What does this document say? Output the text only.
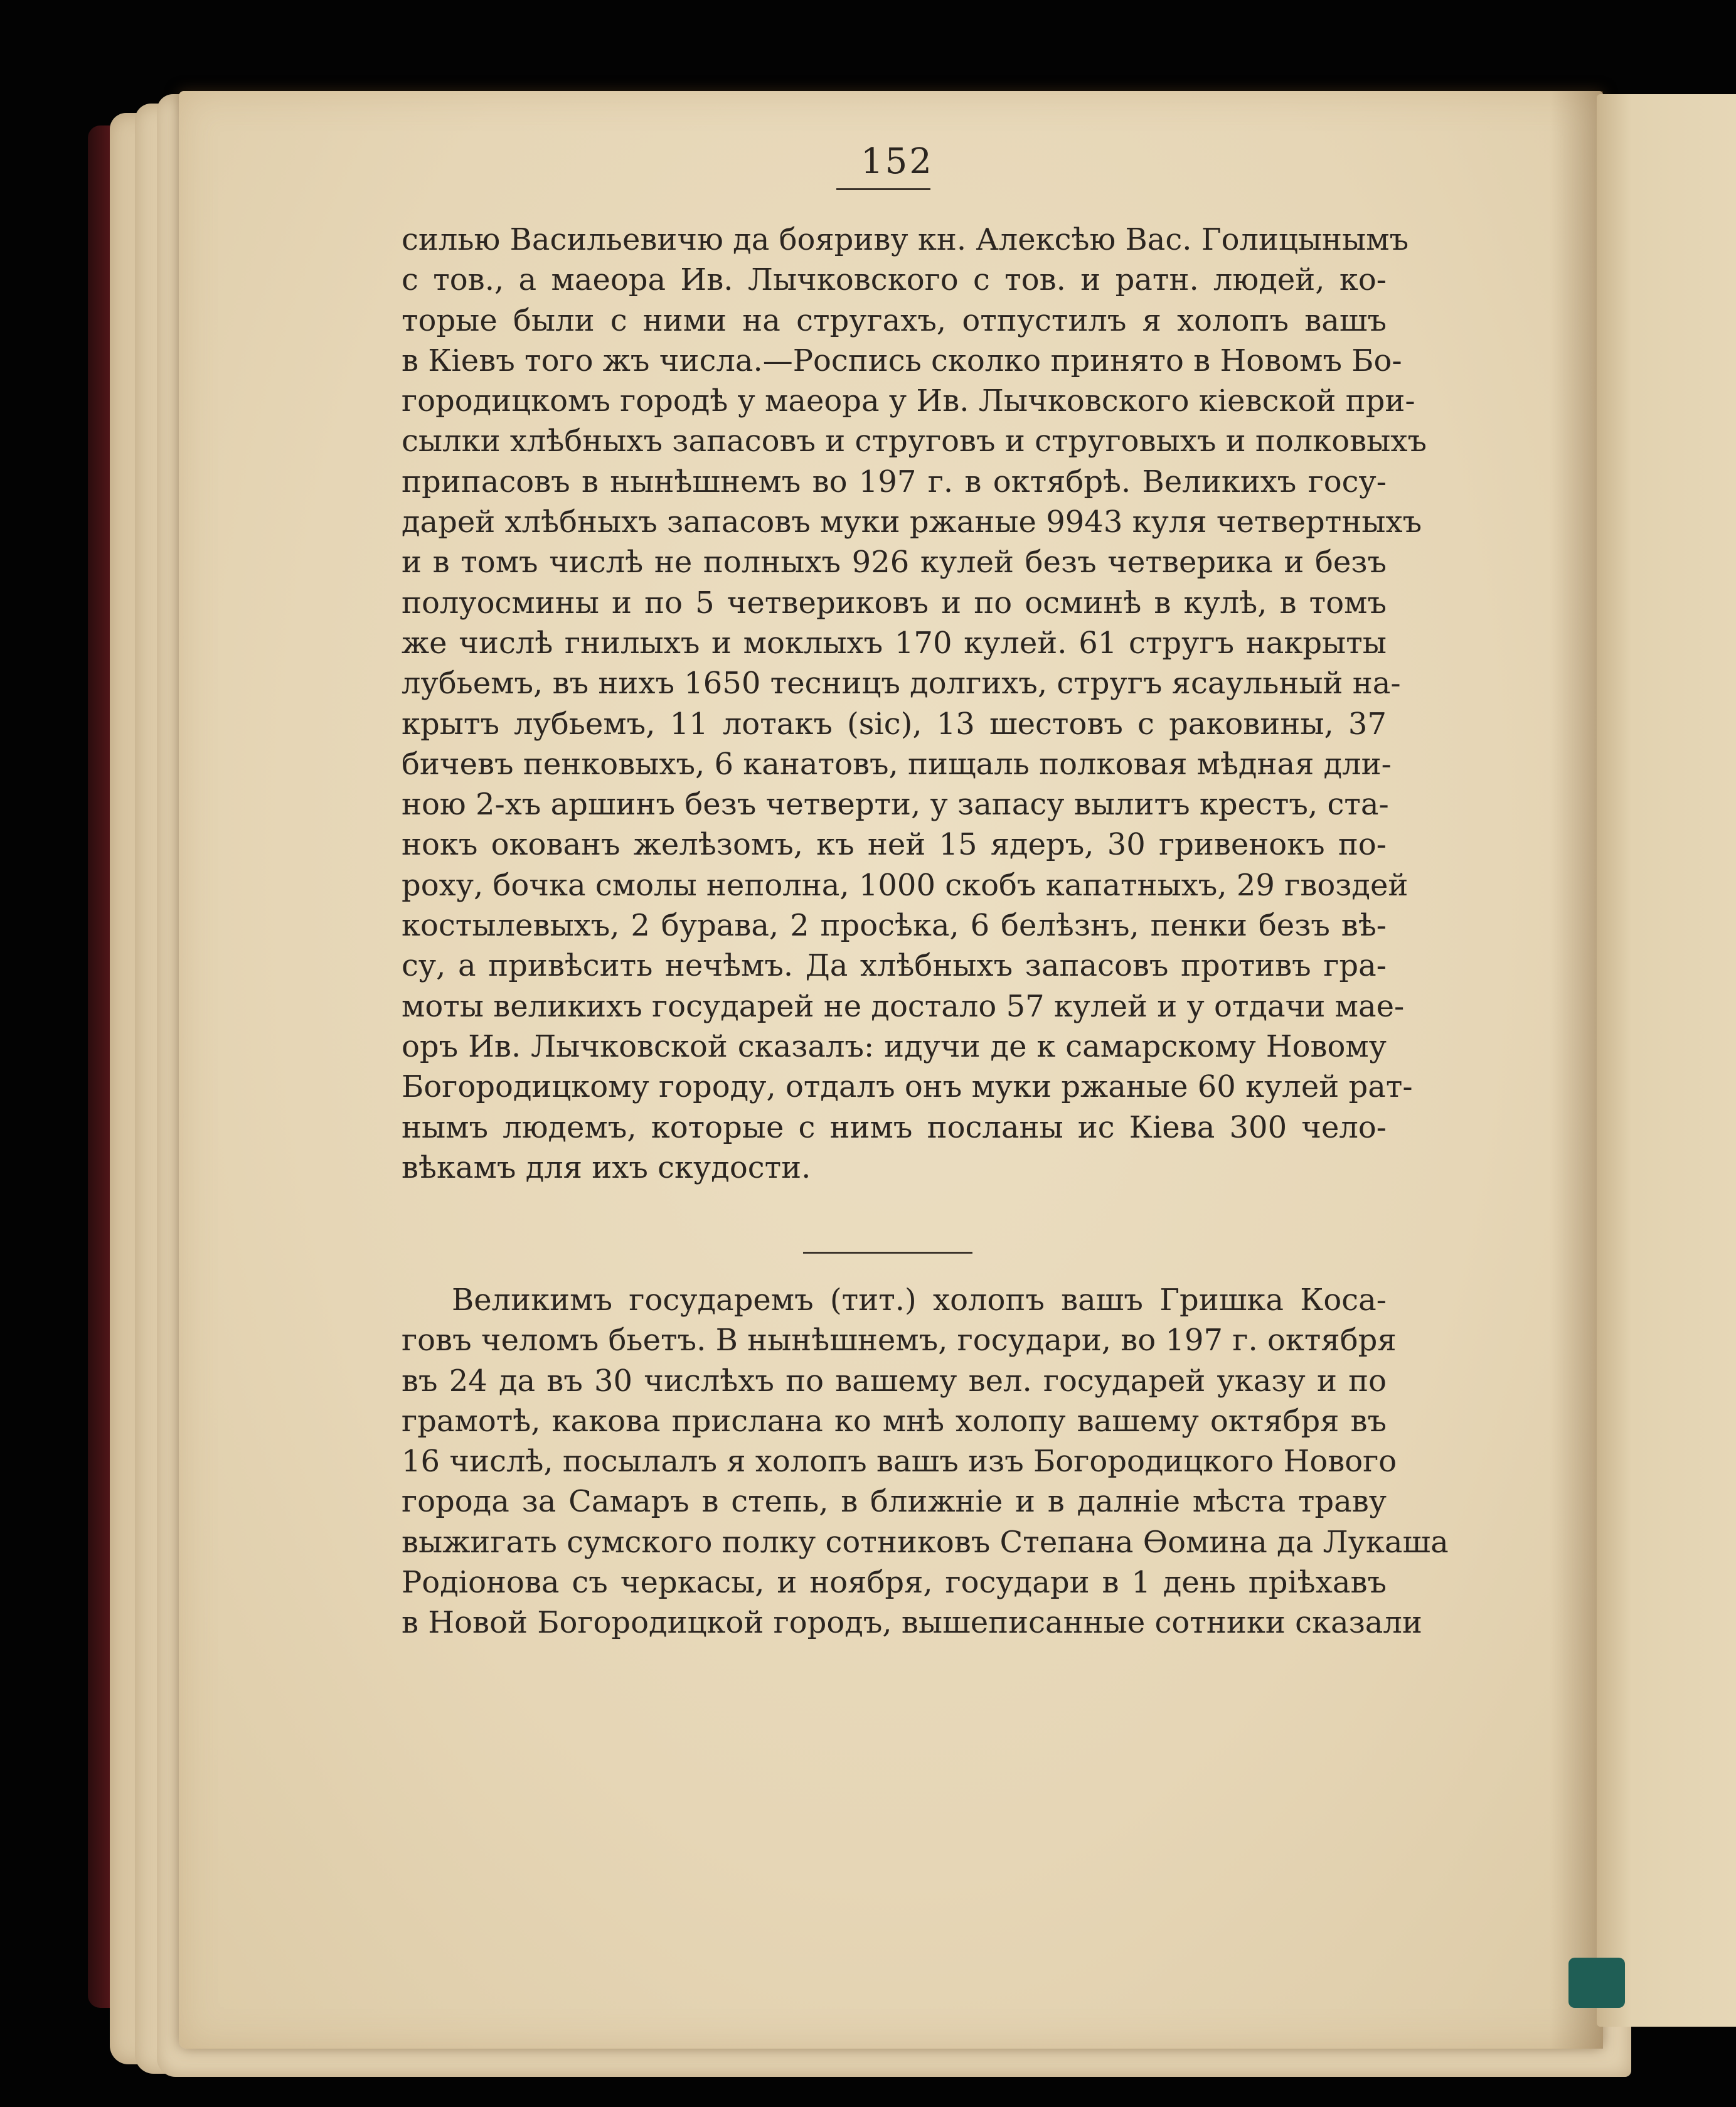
152
силью Васильевичю да бояриву кн. Алексѣю Вас. Голицынымъ
с тов., а маеора Ив. Лычковского с тов. и ратн. людей, ко-
торые были с ними на стругахъ, отпустилъ я холопъ вашъ
в Кіевъ того жъ числа.—Роспись сколко принято в Новомъ Бо-
городицкомъ городѣ у маеора у Ив. Лычковского кіевской при-
сылки хлѣбныхъ запасовъ и струговъ и струговыхъ и полковыхъ
припасовъ в нынѣшнемъ во 197 г. в октябрѣ. Великихъ госу-
дарей хлѣбныхъ запасовъ муки ржаные 9943 куля четвертныхъ
и в томъ числѣ не полныхъ 926 кулей безъ четверика и безъ
полуосмины и по 5 четвериковъ и по осминѣ в кулѣ, в томъ
же числѣ гнилыхъ и моклыхъ 170 кулей. 61 стругъ накрыты
лубьемъ, въ нихъ 1650 тесницъ долгихъ, стругъ ясаульный на-
крытъ лубьемъ, 11 лотакъ (sic), 13 шестовъ с раковины, 37
бичевъ пенковыхъ, 6 канатовъ, пищаль полковая мѣдная дли-
ною 2-хъ аршинъ безъ четверти, у запасу вылитъ крестъ, ста-
нокъ окованъ желѣзомъ, къ ней 15 ядеръ, 30 гривенокъ по-
роху, бочка смолы неполна, 1000 скобъ капатныхъ, 29 гвоздей
костылевыхъ, 2 бурава, 2 просѣка, 6 белѣзнъ, пенки безъ вѣ-
су, а привѣсить нечѣмъ. Да хлѣбныхъ запасовъ противъ гра-
моты великихъ государей не достало 57 кулей и у отдачи мае-
оръ Ив. Лычковской сказалъ: идучи де к самарскому Новому
Богородицкому городу, отдалъ онъ муки ржаные 60 кулей рат-
нымъ людемъ, которые с нимъ посланы ис Кіева 300 чело-
вѣкамъ для ихъ скудости.
Великимъ государемъ (тит.) холопъ вашъ Гришка Коса-
говъ челомъ бьетъ. В нынѣшнемъ, государи, во 197 г. октября
въ 24 да въ 30 числѣхъ по вашему вел. государей указу и по
грамотѣ, какова прислана ко мнѣ холопу вашему октября въ
16 числѣ, посылалъ я холопъ вашъ изъ Богородицкого Нового
города за Самаръ в степь, в ближніе и в далніе мѣста траву
выжигать сумского полку сотниковъ Степана Ѳомина да Лукаша
Родіонова съ черкасы, и ноября, государи в 1 день пріѣхавъ
в Новой Богородицкой городъ, вышеписанные сотники сказали
